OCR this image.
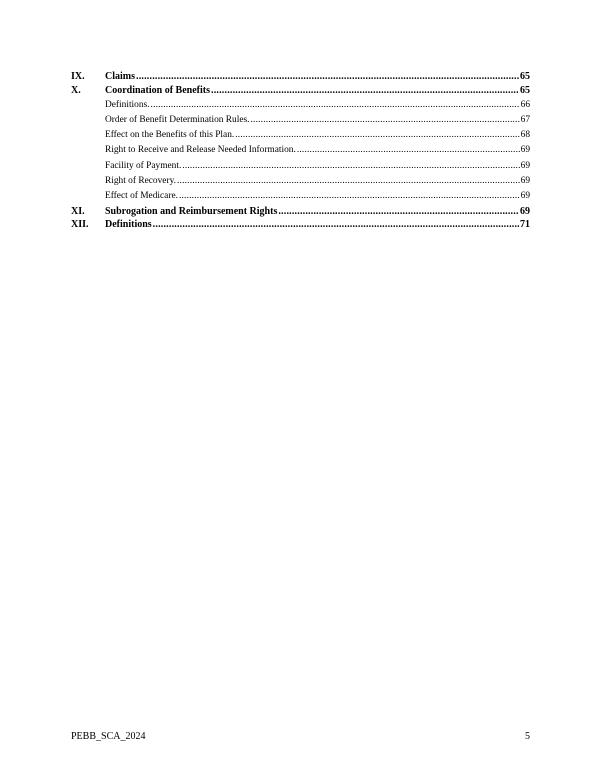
IX.	Claims .....	65
X.	Coordination of Benefits .....	65
Definitions. .....	66
Order of Benefit Determination Rules. .....	67
Effect on the Benefits of this Plan. .....	68
Right to Receive and Release Needed Information. .....	69
Facility of Payment. .....	69
Right of Recovery. .....	69
Effect of Medicare. .....	69
XI.	Subrogation and Reimbursement Rights .....	69
XII.	Definitions .....	71
PEBB_SCA_2024	5
